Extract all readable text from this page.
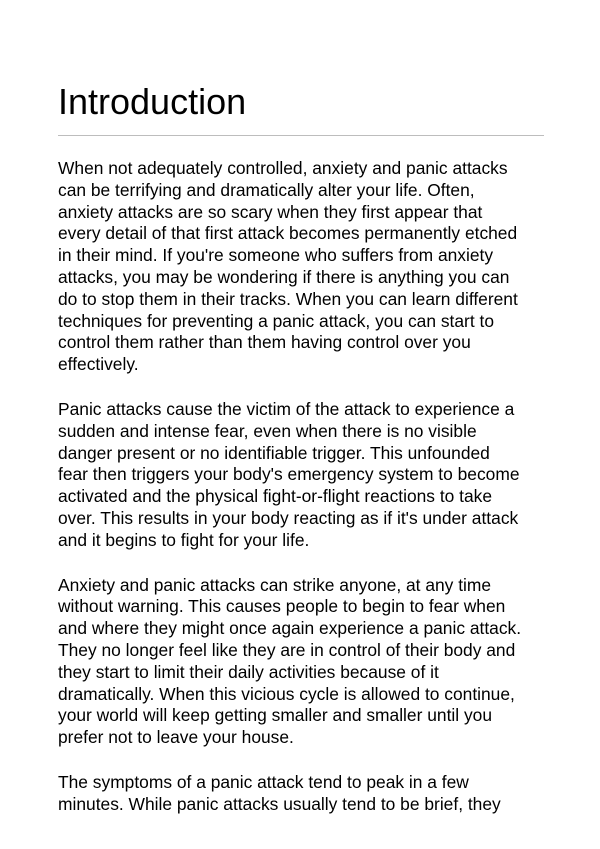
Introduction

When not adequately controlled, anxiety and panic attacks
can be terrifying and dramatically alter your life. Often,
anxiety attacks are so scary when they first appear that
every detail of that first attack becomes permanently etched
in their mind. If you're someone who suffers from anxiety
attacks, you may be wondering if there is anything you can
do to stop them in their tracks. When you can learn different
techniques for preventing a panic attack, you can start to
control them rather than them having control over you
effectively.

Panic attacks cause the victim of the attack to experience a
sudden and intense fear, even when there is no visible
danger present or no identifiable trigger. This unfounded
fear then triggers your body's emergency system to become
activated and the physical fight-or-flight reactions to take
over. This results in your body reacting as if it's under attack
and it begins to fight for your life.

Anxiety and panic attacks can strike anyone, at any time
without warning. This causes people to begin to fear when
and where they might once again experience a panic attack.
They no longer feel like they are in control of their body and
they start to limit their daily activities because of it
dramatically. When this vicious cycle is allowed to continue,
your world will keep getting smaller and smaller until you
prefer not to leave your house.

The symptoms of a panic attack tend to peak in a few
minutes. While panic attacks usually tend to be brief, they
